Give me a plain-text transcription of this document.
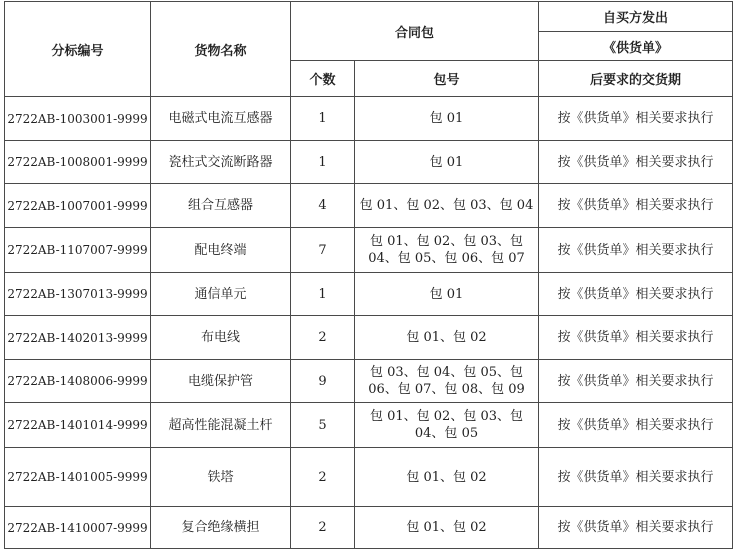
分标编号	货物名称	合同包		自买方发出
				《供货单》
		个数	包号	后要求的交货期
2722AB-1003001-9999	电磁式电流互感器	1	包 01	按《供货单》相关要求执行
2722AB-1008001-9999	瓷柱式交流断路器	1	包 01	按《供货单》相关要求执行
2722AB-1007001-9999	组合互感器	4	包 01、包 02、包 03、包 04	按《供货单》相关要求执行
2722AB-1107007-9999	配电终端	7	包 01、包 02、包 03、包 04、包 05、包 06、包 07	按《供货单》相关要求执行
2722AB-1307013-9999	通信单元	1	包 01	按《供货单》相关要求执行
2722AB-1402013-9999	布电线	2	包 01、包 02	按《供货单》相关要求执行
2722AB-1408006-9999	电缆保护管	9	包 03、包 04、包 05、包 06、包 07、包 08、包 09	按《供货单》相关要求执行
2722AB-1401014-9999	超高性能混凝土杆	5	包 01、包 02、包 03、包 04、包 05	按《供货单》相关要求执行
2722AB-1401005-9999	铁塔	2	包 01、包 02	按《供货单》相关要求执行
2722AB-1410007-9999	复合绝缘横担	2	包 01、包 02	按《供货单》相关要求执行
